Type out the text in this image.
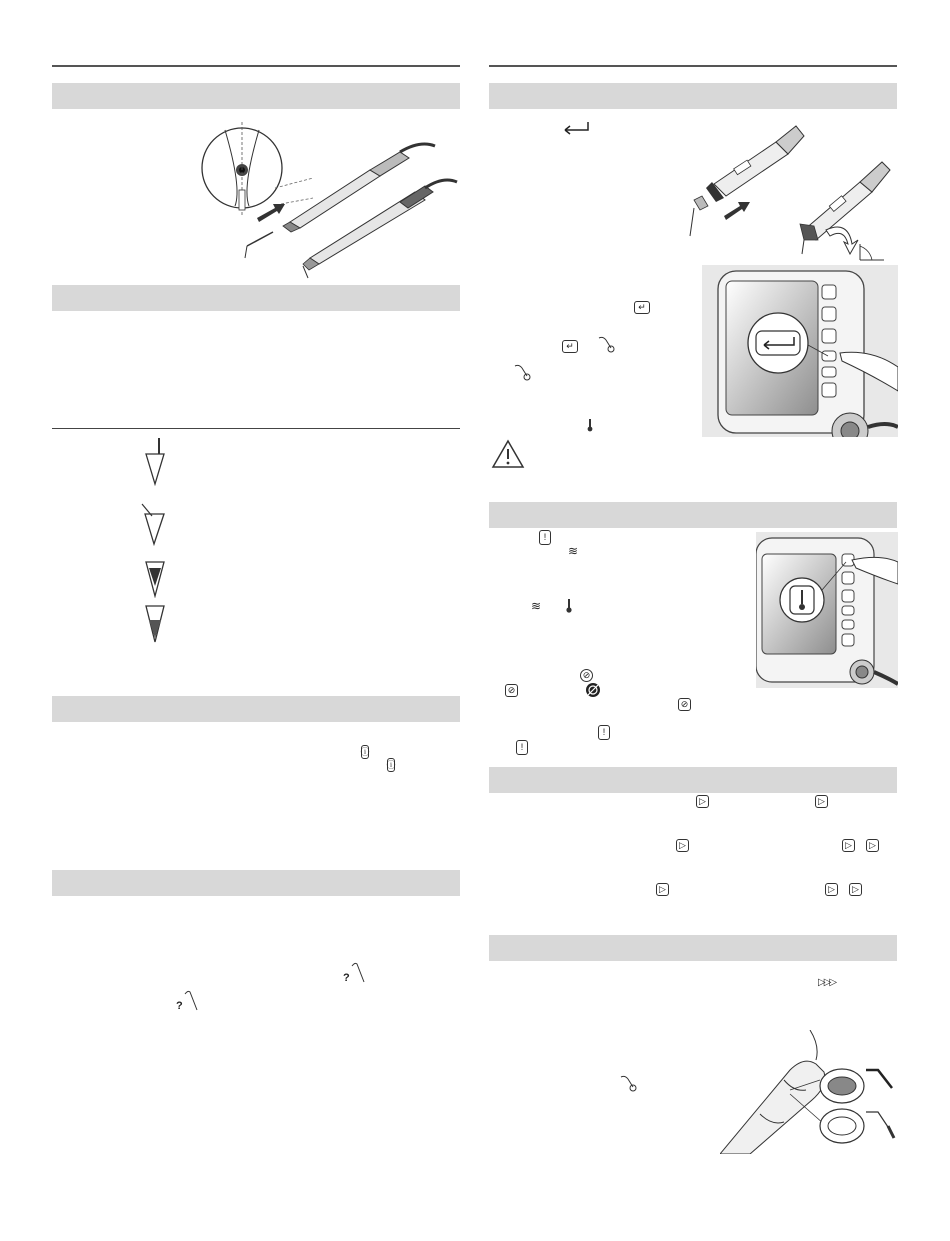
ⓘ
ⓘ
?
?
↵
↵
!
≋
≋
⊘
⊘
⊘
!
!
▷	▷
▷	▷ ▷
▷	▷ ▷
▷▷▷
